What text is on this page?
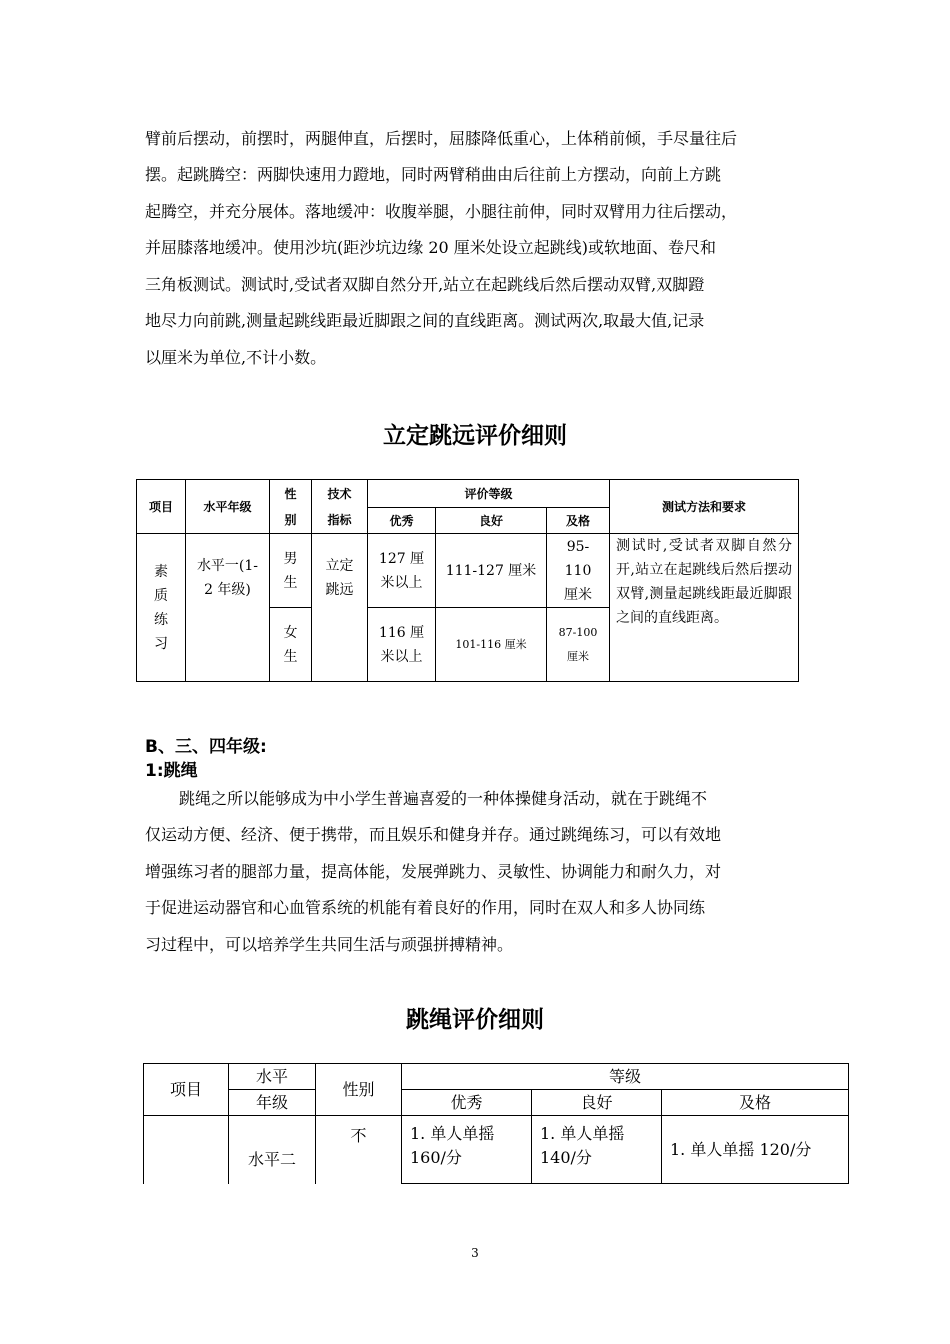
臂前后摆动，前摆时，两腿伸直，后摆时，屈膝降低重心，上体稍前倾，手尽量往后

摆。起跳腾空：两脚快速用力蹬地，同时两臂稍曲由后往前上方摆动，向前上方跳

起腾空，并充分展体。落地缓冲：收腹举腿，小腿往前伸，同时双臂用力往后摆动，

并屈膝落地缓冲。使用沙坑(距沙坑边缘 20 厘米处设立起跳线)或软地面、卷尺和

三角板测试。测试时,受试者双脚自然分开,站立在起跳线后然后摆动双臂,双脚蹬

地尽力向前跳,测量起跳线距最近脚跟之间的直线距离。测试两次,取最大值,记录

以厘米为单位,不计小数。

立定跳远评价细则
项目	水平年级	性别	技术指标	评价等级			测试方法和要求
				优秀	良好	及格	
素质练习	水平一(1-2 年级)	男生	立定跳远	127 厘米以上	111-127 厘米	95-110 厘米	测试时,受试者双脚自然分开,站立在起跳线后然后摆动双臂,测量起跳线距最近脚跟之间的直线距离。
		女生		116 厘米以上	101-116 厘米	87-100 厘米	
B、三、四年级:
1:跳绳

跳绳之所以能够成为中小学生普遍喜爱的一种体操健身活动，就在于跳绳不

仅运动方便、经济、便于携带，而且娱乐和健身并存。通过跳绳练习，可以有效地

增强练习者的腿部力量，提高体能，发展弹跳力、灵敏性、协调能力和耐久力，对

于促进运动器官和心血管系统的机能有着良好的作用，同时在双人和多人协同练

习过程中，可以培养学生共同生活与顽强拼搏精神。

跳绳评价细则
项目	水平	性别	等级		
	年级		优秀	良好	及格
	水平二	不	1. 单人单摇 160/分	1. 单人单摇 140/分	1. 单人单摇 120/分
3
